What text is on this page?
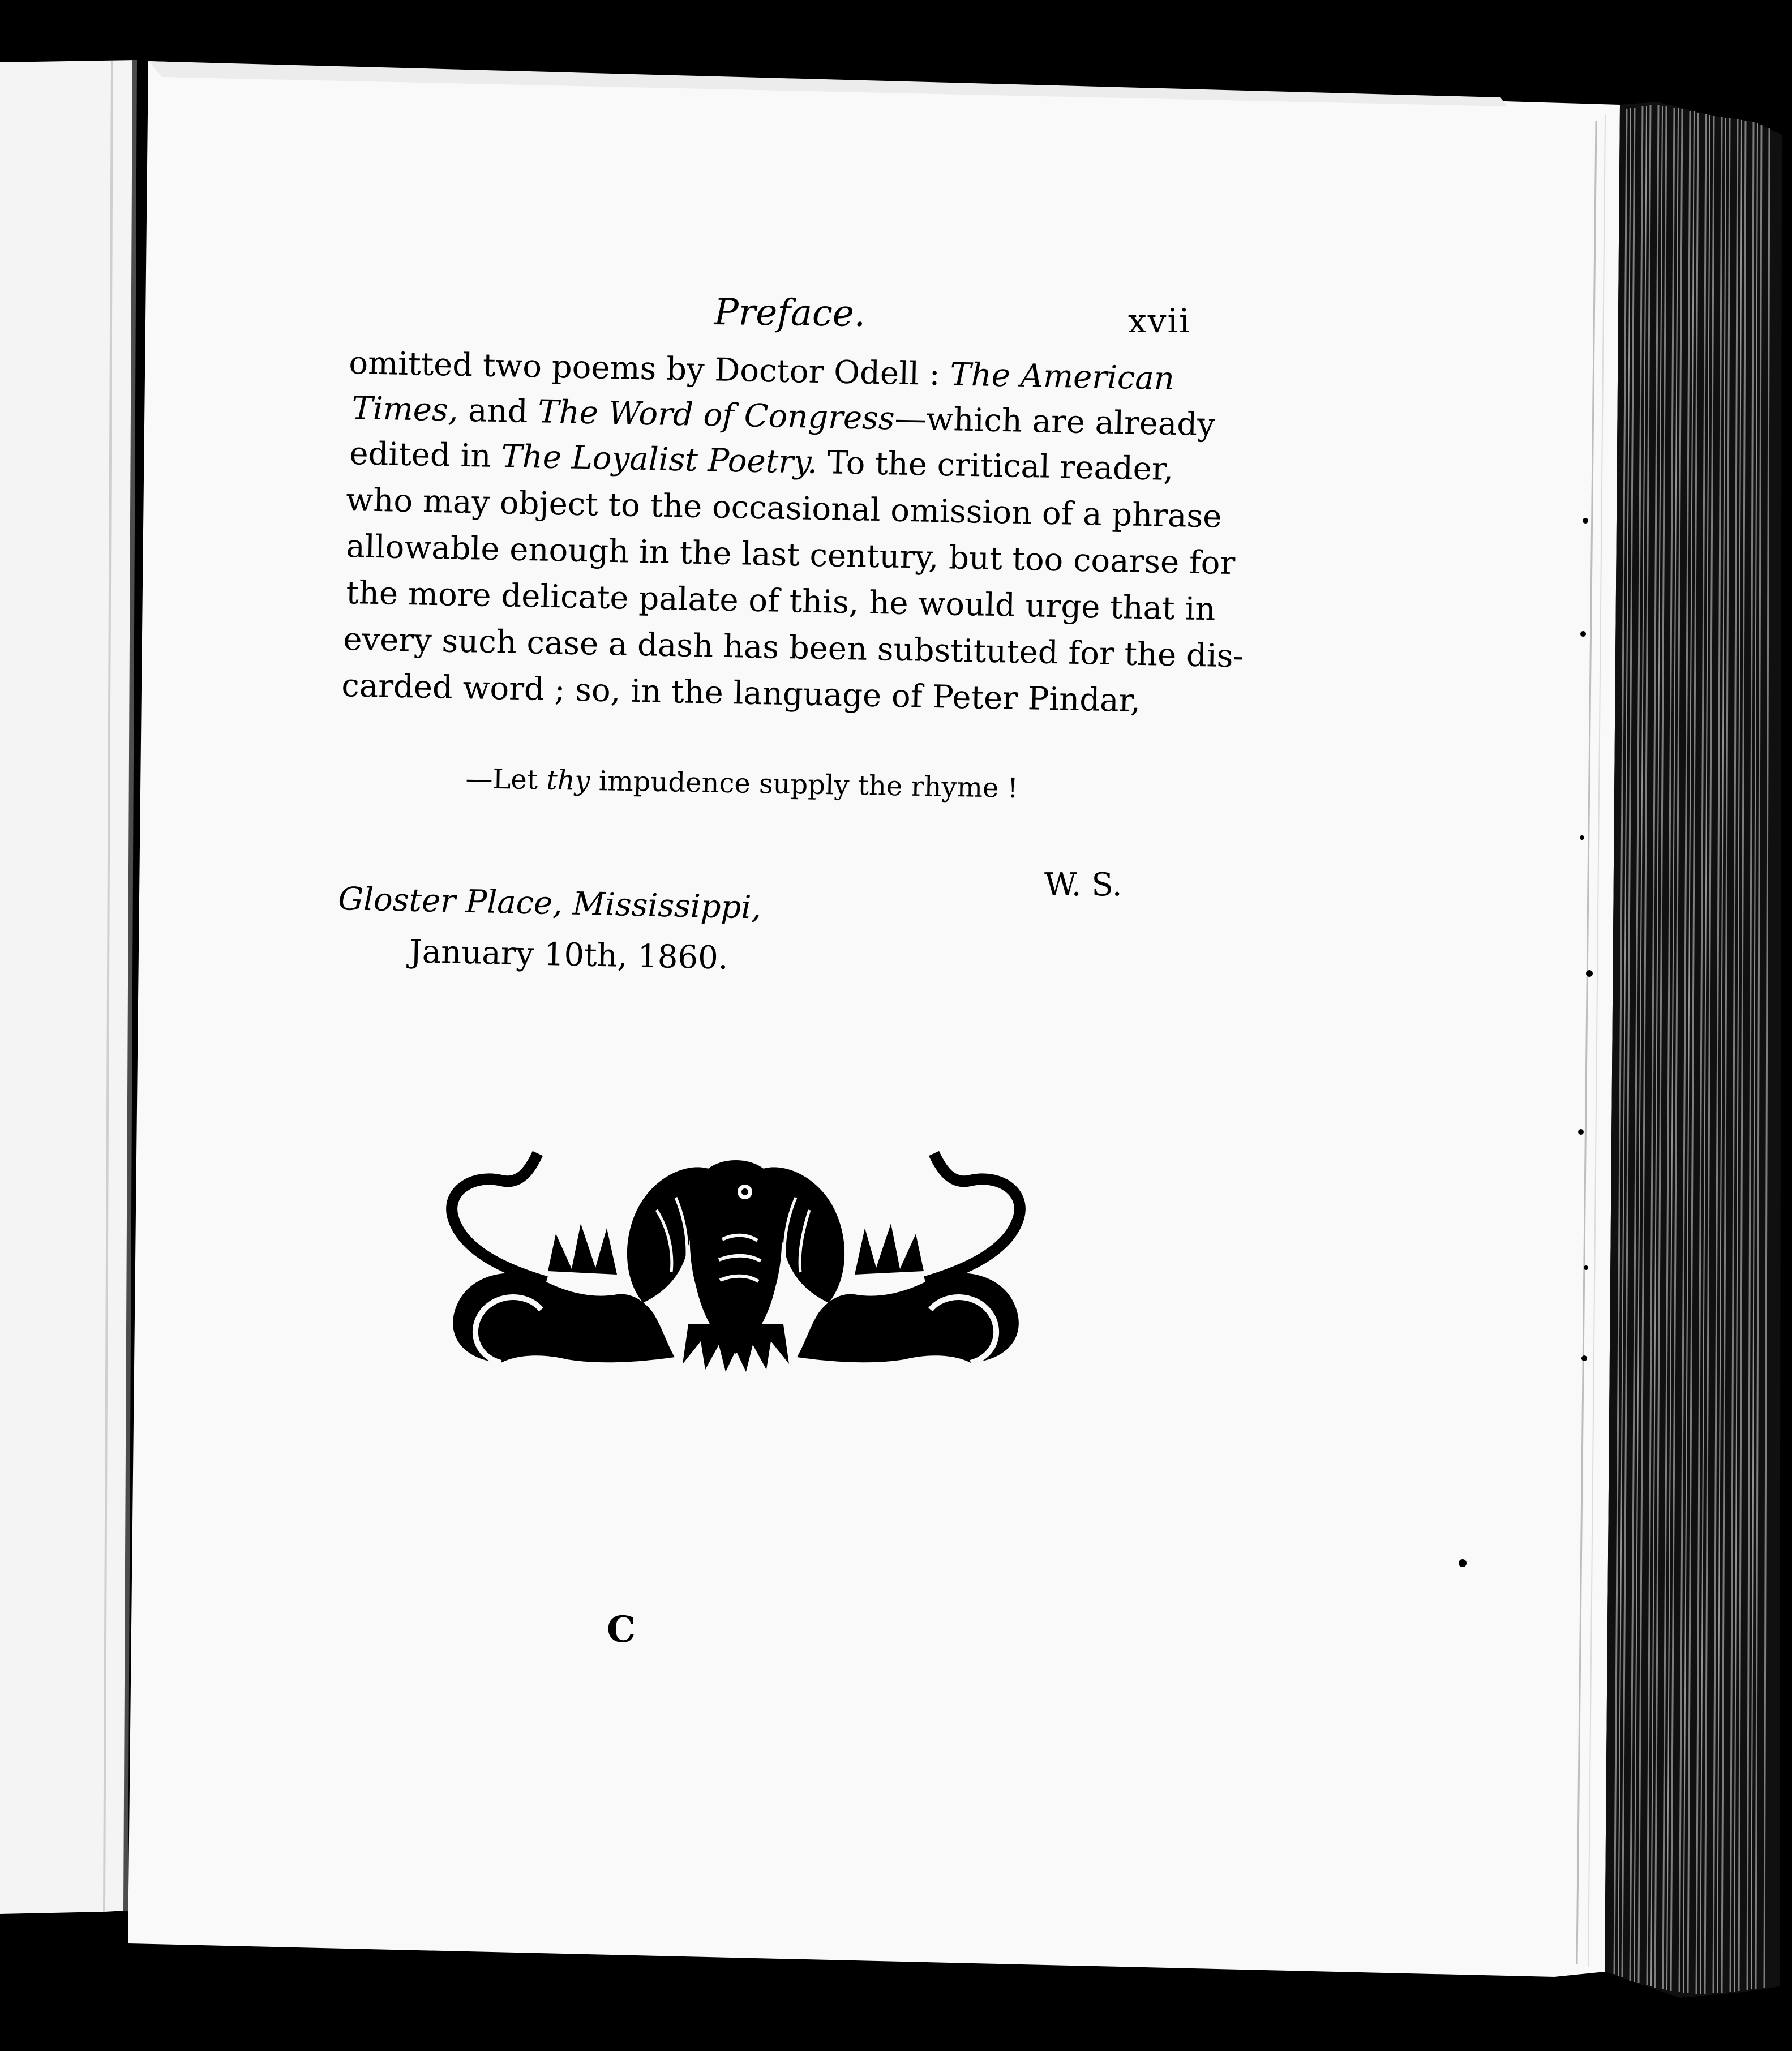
Preface.	xvii
omitted two poems by Doctor Odell : The American
Times, and The Word of Congress—which are already
edited in The Loyalist Poetry. To the critical reader,
who may object to the occasional omission of a phrase
allowable enough in the last century, but too coarse for
the more delicate palate of this, he would urge that in
every such case a dash has been substituted for the dis-
carded word ; so, in the language of Peter Pindar,
—Let thy impudence supply the rhyme !
W. S.
Gloster Place, Mississippi,
January 10th, 1860.
C
